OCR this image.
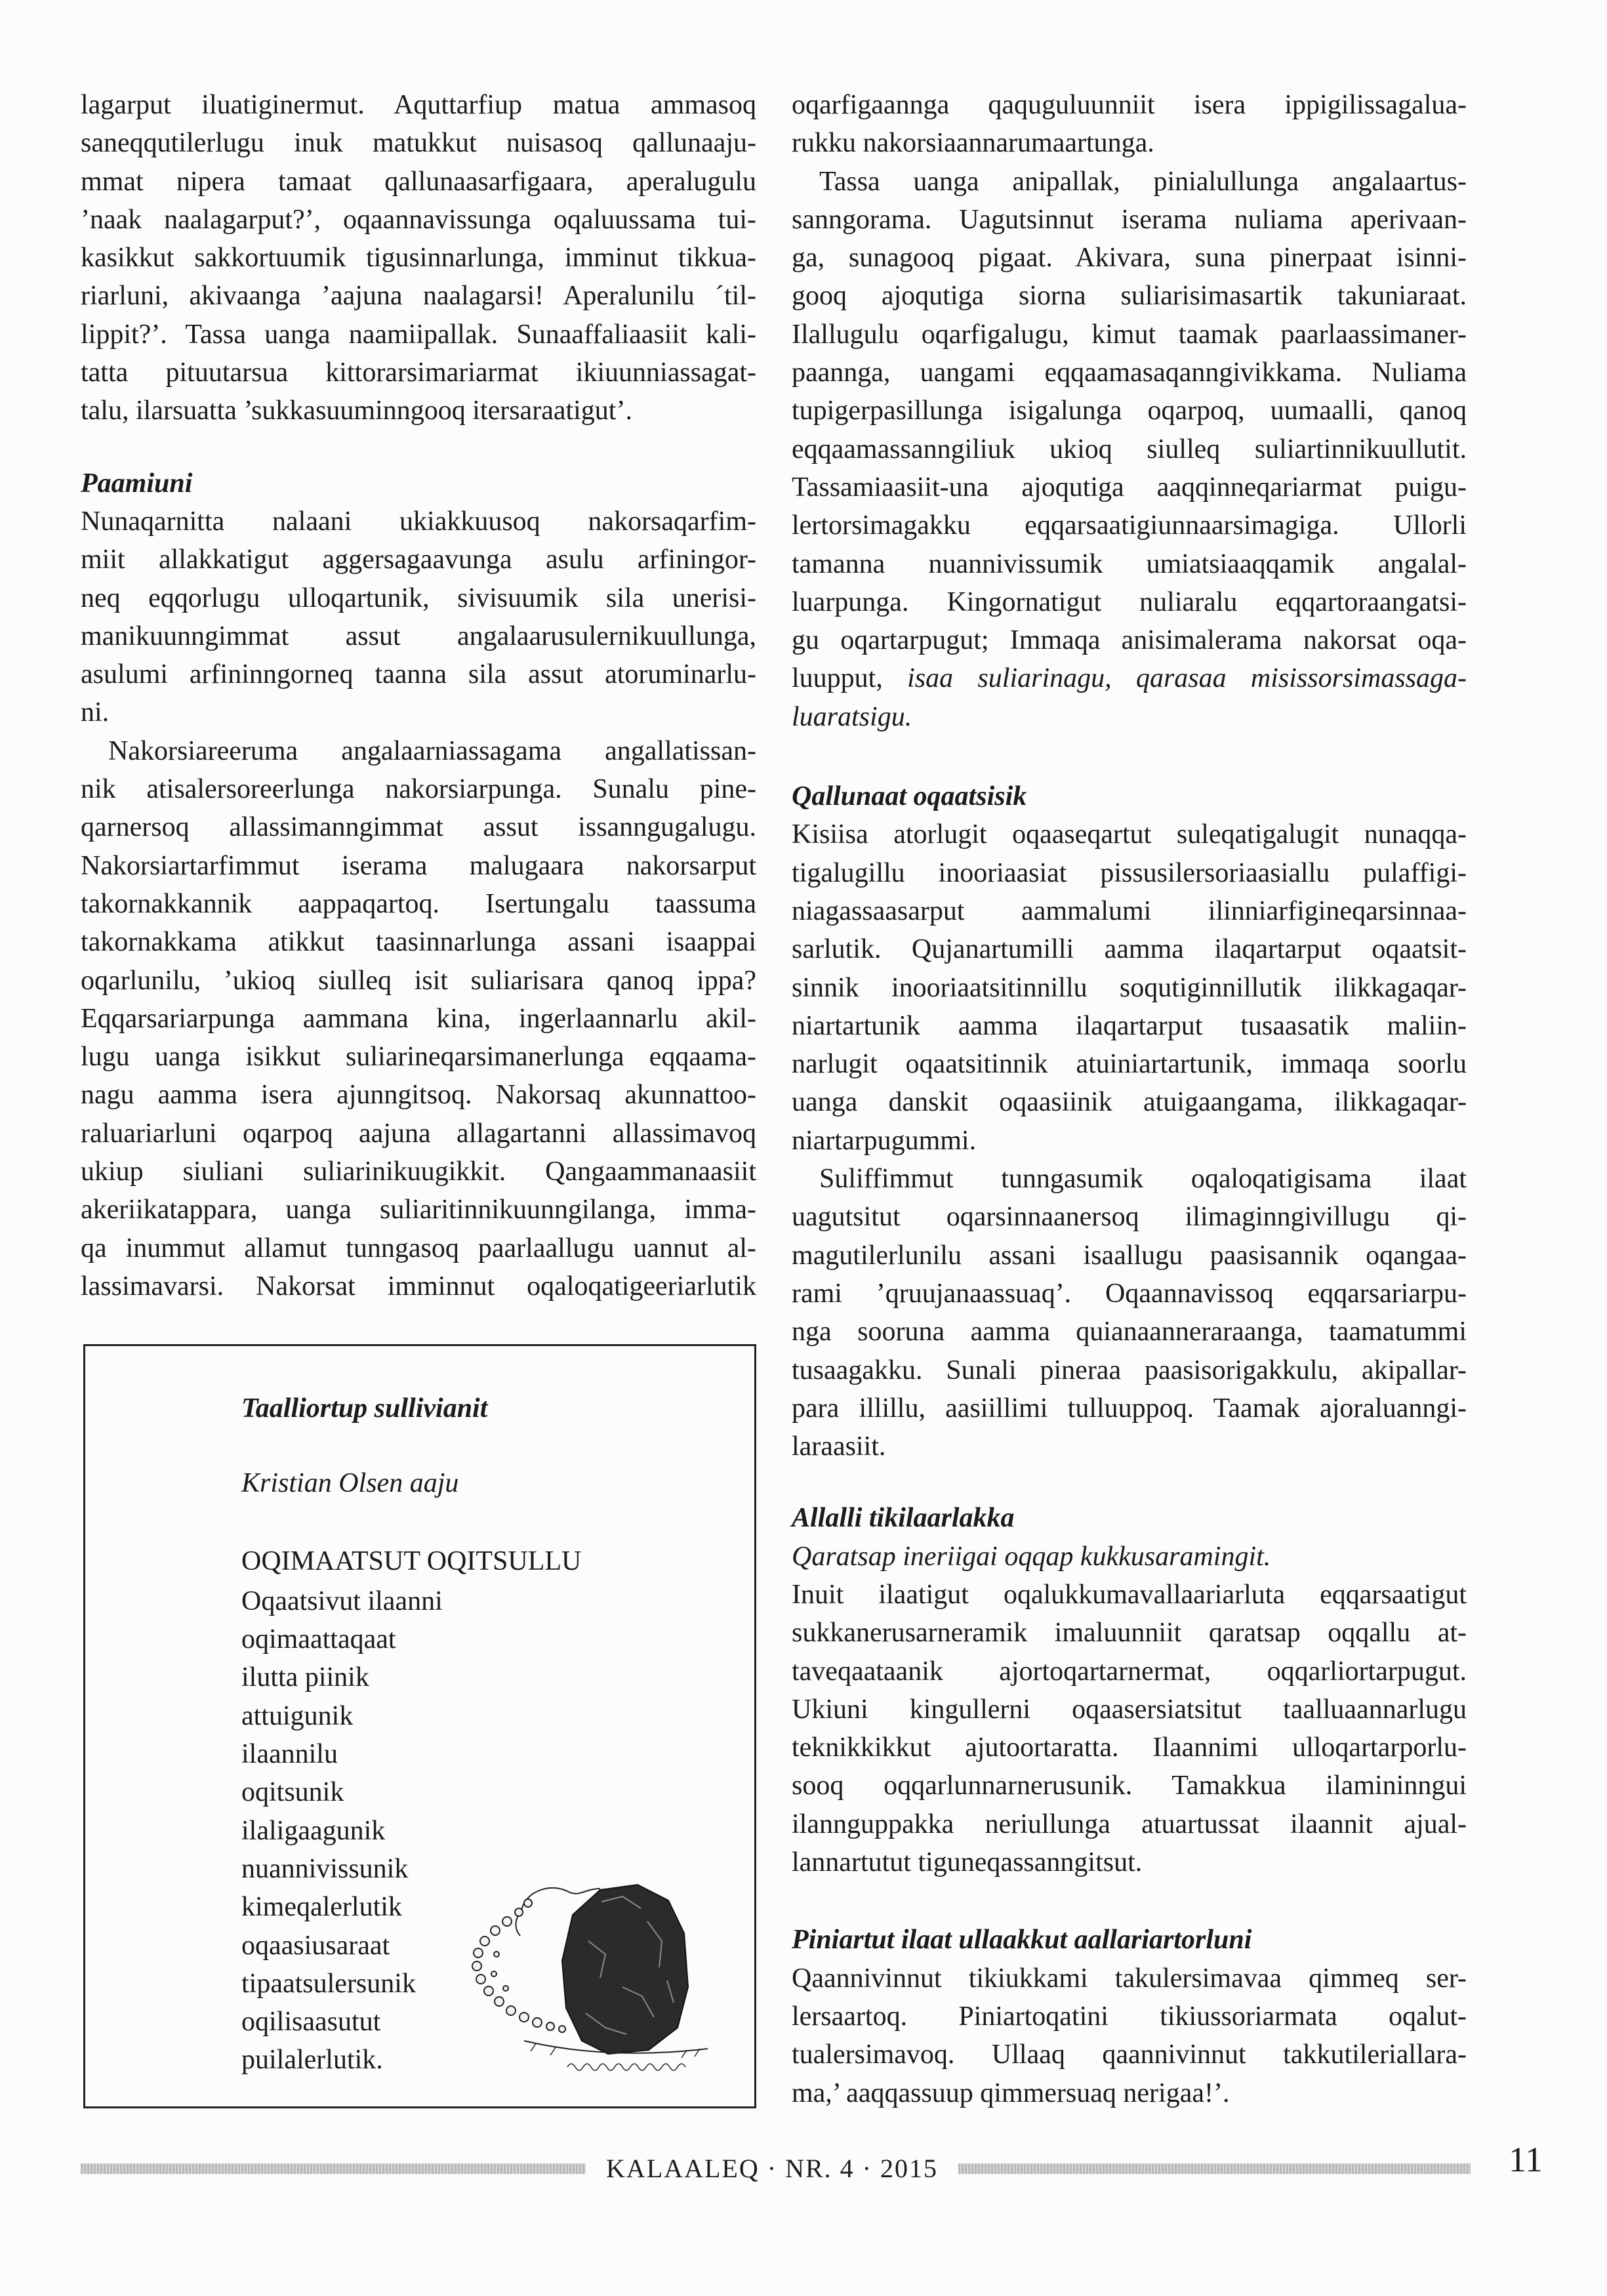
lagarput iluatiginermut. Aquttarfiup matua ammasoq
saneqqutilerlugu inuk matukkut nuisasoq qallunaaju-
mmat nipera tamaat qallunaasarfigaara, aperalugulu
’naak naalagarput?’, oqaannavissunga oqaluussama tui-
kasikkut sakkortuumik tigusinnarlunga, imminut tikkua-
riarluni, akivaanga ’aajuna naalagarsi! Aperalunilu ´til-
lippit?’. Tassa uanga naamiipallak. Sunaaffaliaasiit kali-
tatta pituutarsua kittorarsimariarmat ikiuunniassagat-
talu, ilarsuatta ’sukkasuuminngooq itersaraatigut’.
Paamiuni
Nunaqarnitta nalaani ukiakkuusoq nakorsaqarfim-
miit allakkatigut aggersagaavunga asulu arfiningor-
neq eqqorlugu ulloqartunik, sivisuumik sila unerisi-
manikuunngimmat assut angalaarusulernikuullunga,
asulumi arfininngorneq taanna sila assut atoruminarlu-
ni.
Nakorsiareeruma angalaarniassagama angallatissan-
nik atisalersoreerlunga nakorsiarpunga. Sunalu pine-
qarnersoq allassimanngimmat assut issanngugalugu.
Nakorsiartarfimmut iserama malugaara nakorsarput
takornakkannik aappaqartoq. Isertungalu taassuma
takornakkama atikkut taasinnarlunga assani isaappai
oqarlunilu, ’ukioq siulleq isit suliarisara qanoq ippa?
Eqqarsariarpunga aammana kina, ingerlaannarlu akil-
lugu uanga isikkut suliarineqarsimanerlunga eqqaama-
nagu aamma isera ajunngitsoq. Nakorsaq akunnattoo-
raluariarluni oqarpoq aajuna allagartanni allassimavoq
ukiup siuliani suliarinikuugikkit. Qangaammanaasiit
akeriikatappara, uanga suliaritinnikuunngilanga, imma-
qa inummut allamut tunngasoq paarlaallugu uannut al-
lassimavarsi. Nakorsat imminnut oqaloqatigeeriarlutik
Taalliortup sullivianit
Kristian Olsen aaju
OQIMAATSUT OQITSULLU
Oqaatsivut ilaanni
oqimaattaqaat
ilutta piinik
attuigunik
ilaannilu
oqitsunik
ilaligaagunik
nuannivissunik
kimeqalerlutik
oqaasiusaraat
tipaatsulersunik
oqilisaasutut
puilalerlutik.
oqarfigaannga qaquguluunniit isera ippigilissagalua-
rukku nakorsiaannarumaartunga.
Tassa uanga anipallak, pinialullunga angalaartus-
sanngorama. Uagutsinnut iserama nuliama aperivaan-
ga, sunagooq pigaat. Akivara, suna pinerpaat isinni-
gooq ajoqutiga siorna suliarisimasartik takuniaraat.
Ilallugulu oqarfigalugu, kimut taamak paarlaassimaner-
paannga, uangami eqqaamasaqanngivikkama. Nuliama
tupigerpasillunga isigalunga oqarpoq, uumaalli, qanoq
eqqaamassanngiliuk ukioq siulleq suliartinnikuullutit.
Tassamiaasiit-una ajoqutiga aaqqinneqariarmat puigu-
lertorsimagakku eqqarsaatigiunnaarsimagiga. Ullorli
tamanna nuannivissumik umiatsiaaqqamik angalal-
luarpunga. Kingornatigut nuliaralu eqqartoraangatsi-
gu oqartarpugut; Immaqa anisimalerama nakorsat oqa-
luupput, isaa suliarinagu, qarasaa misissorsimassaga-
luaratsigu.
Qallunaat oqaatsisik
Kisiisa atorlugit oqaaseqartut suleqatigalugit nunaqqa-
tigalugillu inooriaasiat pissusilersoriaasiallu pulaffigi-
niagassaasarput aammalumi ilinniarfigineqarsinnaa-
sarlutik. Qujanartumilli aamma ilaqartarput oqaatsit-
sinnik inooriaatsitinnillu soqutiginnillutik ilikkagaqar-
niartartunik aamma ilaqartarput tusaasatik maliin-
narlugit oqaatsitinnik atuiniartartunik, immaqa soorlu
uanga danskit oqaasiinik atuigaangama, ilikkagaqar-
niartarpugummi.
Suliffimmut tunngasumik oqaloqatigisama ilaat
uagutsitut oqarsinnaanersoq ilimaginngivillugu qi-
magutilerlunilu assani isaallugu paasisannik oqangaa-
rami ’qruujanaassuaq’. Oqaannavissoq eqqarsariarpu-
nga sooruna aamma quianaanneraraanga, taamatummi
tusaagakku. Sunali pineraa paasisorigakkulu, akipallar-
para illillu, aasiillimi tulluuppoq. Taamak ajoraluanngi-
laraasiit.
Allalli tikilaarlakka
Qaratsap ineriigai oqqap kukkusaramingit.
Inuit ilaatigut oqalukkumavallaariarluta eqqarsaatigut
sukkanerusarneramik imaluunniit qaratsap oqqallu at-
taveqaataanik ajortoqartarnermat, oqqarliortarpugut.
Ukiuni kingullerni oqaasersiatsitut taalluaannarlugu
teknikkikkut ajutoortaratta. Ilaannimi ulloqartarporlu-
sooq oqqarlunnarnerusunik. Tamakkua ilamininngui
ilannguppakka neriullunga atuartussat ilaannit ajual-
lannartutut tiguneqassanngitsut.
Piniartut ilaat ullaakkut aallariartorluni
Qaannivinnut tikiukkami takulersimavaa qimmeq ser-
lersaartoq. Piniartoqatini tikiussoriarmata oqalut-
tualersimavoq. Ullaaq qaannivinnut takkutileriallara-
ma,’ aaqqassuup qimmersuaq nerigaa!’.
KALAALEQ · NR. 4 · 2015	11
